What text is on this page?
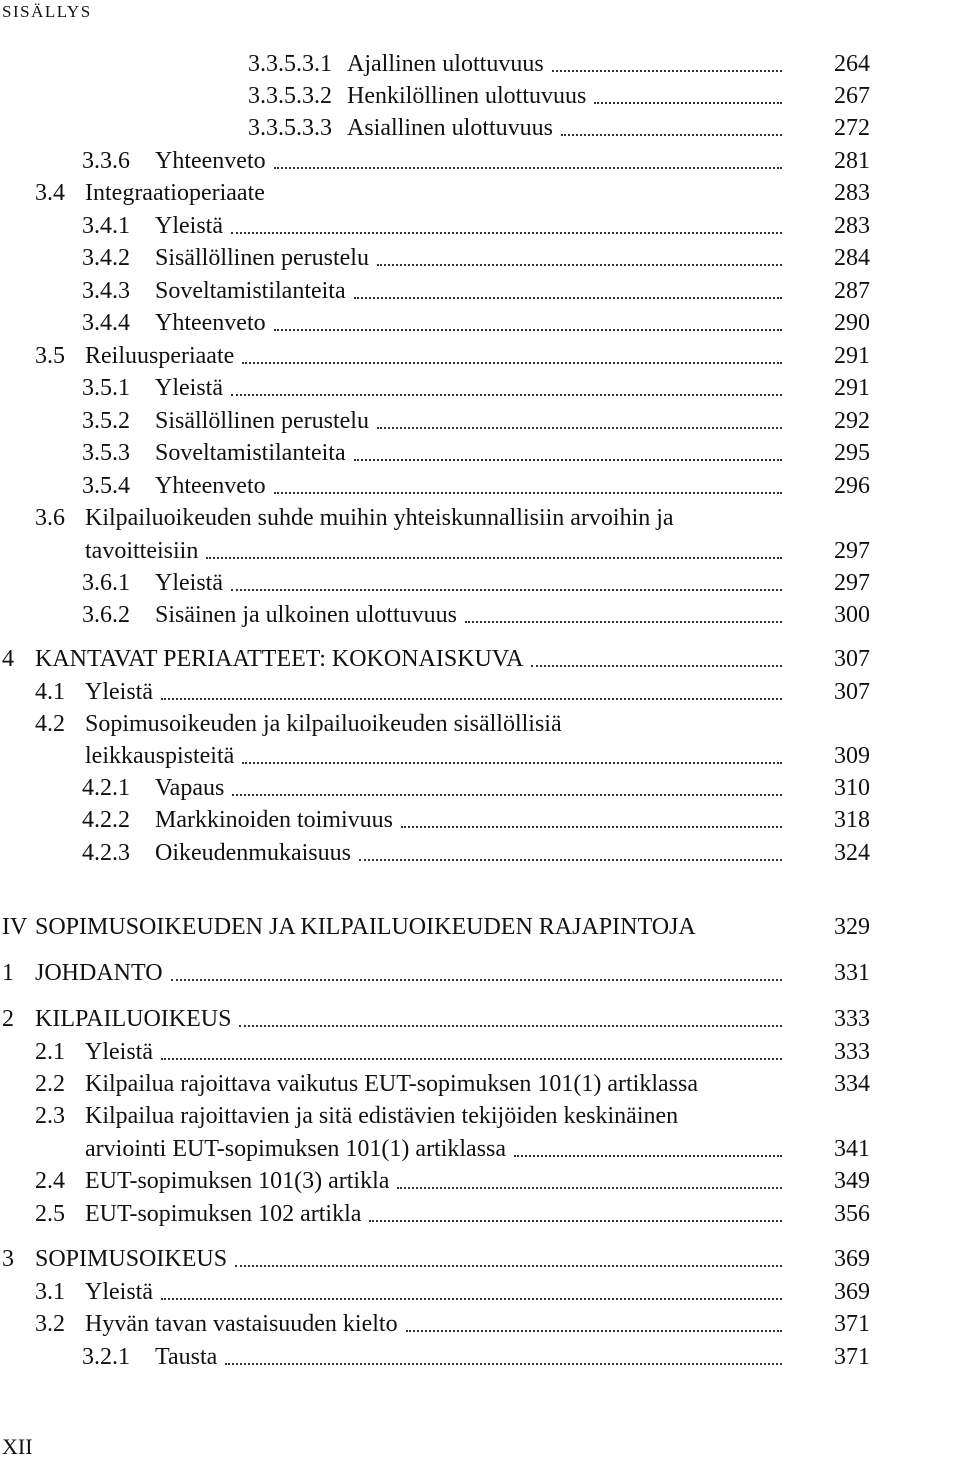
SISÄLLYS
3.3.5.3.1 Ajallinen ulottuvuus	264
3.3.5.3.2 Henkilöllinen ulottuvuus	267
3.3.5.3.3 Asiallinen ulottuvuus	272
3.3.6 Yhteenveto	281
3.4 Integraatioperiaate	283
3.4.1 Yleistä	283
3.4.2 Sisällöllinen perustelu	284
3.4.3 Soveltamistilanteita	287
3.4.4 Yhteenveto	290
3.5 Reiluusperiaate	291
3.5.1 Yleistä	291
3.5.2 Sisällöllinen perustelu	292
3.5.3 Soveltamistilanteita	295
3.5.4 Yhteenveto	296
3.6 Kilpailuoikeuden suhde muihin yhteiskunnallisiin arvoihin ja
tavoitteisiin	297
3.6.1 Yleistä	297
3.6.2 Sisäinen ja ulkoinen ulottuvuus	300
4 KANTAVAT PERIAATTEET: KOKONAISKUVA	307
4.1 Yleistä	307
4.2 Sopimusoikeuden ja kilpailuoikeuden sisällöllisiä
leikkauspisteitä	309
4.2.1 Vapaus	310
4.2.2 Markkinoiden toimivuus	318
4.2.3 Oikeudenmukaisuus	324
IV SOPIMUSOIKEUDEN JA KILPAILUOIKEUDEN RAJAPINTOJA	329
1 JOHDANTO	331
2 KILPAILUOIKEUS	333
2.1 Yleistä	333
2.2 Kilpailua rajoittava vaikutus EUT-sopimuksen 101(1) artiklassa	334
2.3 Kilpailua rajoittavien ja sitä edistävien tekijöiden keskinäinen
arviointi EUT-sopimuksen 101(1) artiklassa	341
2.4 EUT-sopimuksen 101(3) artikla	349
2.5 EUT-sopimuksen 102 artikla	356
3 SOPIMUSOIKEUS	369
3.1 Yleistä	369
3.2 Hyvän tavan vastaisuuden kielto	371
3.2.1 Tausta	371
XII
